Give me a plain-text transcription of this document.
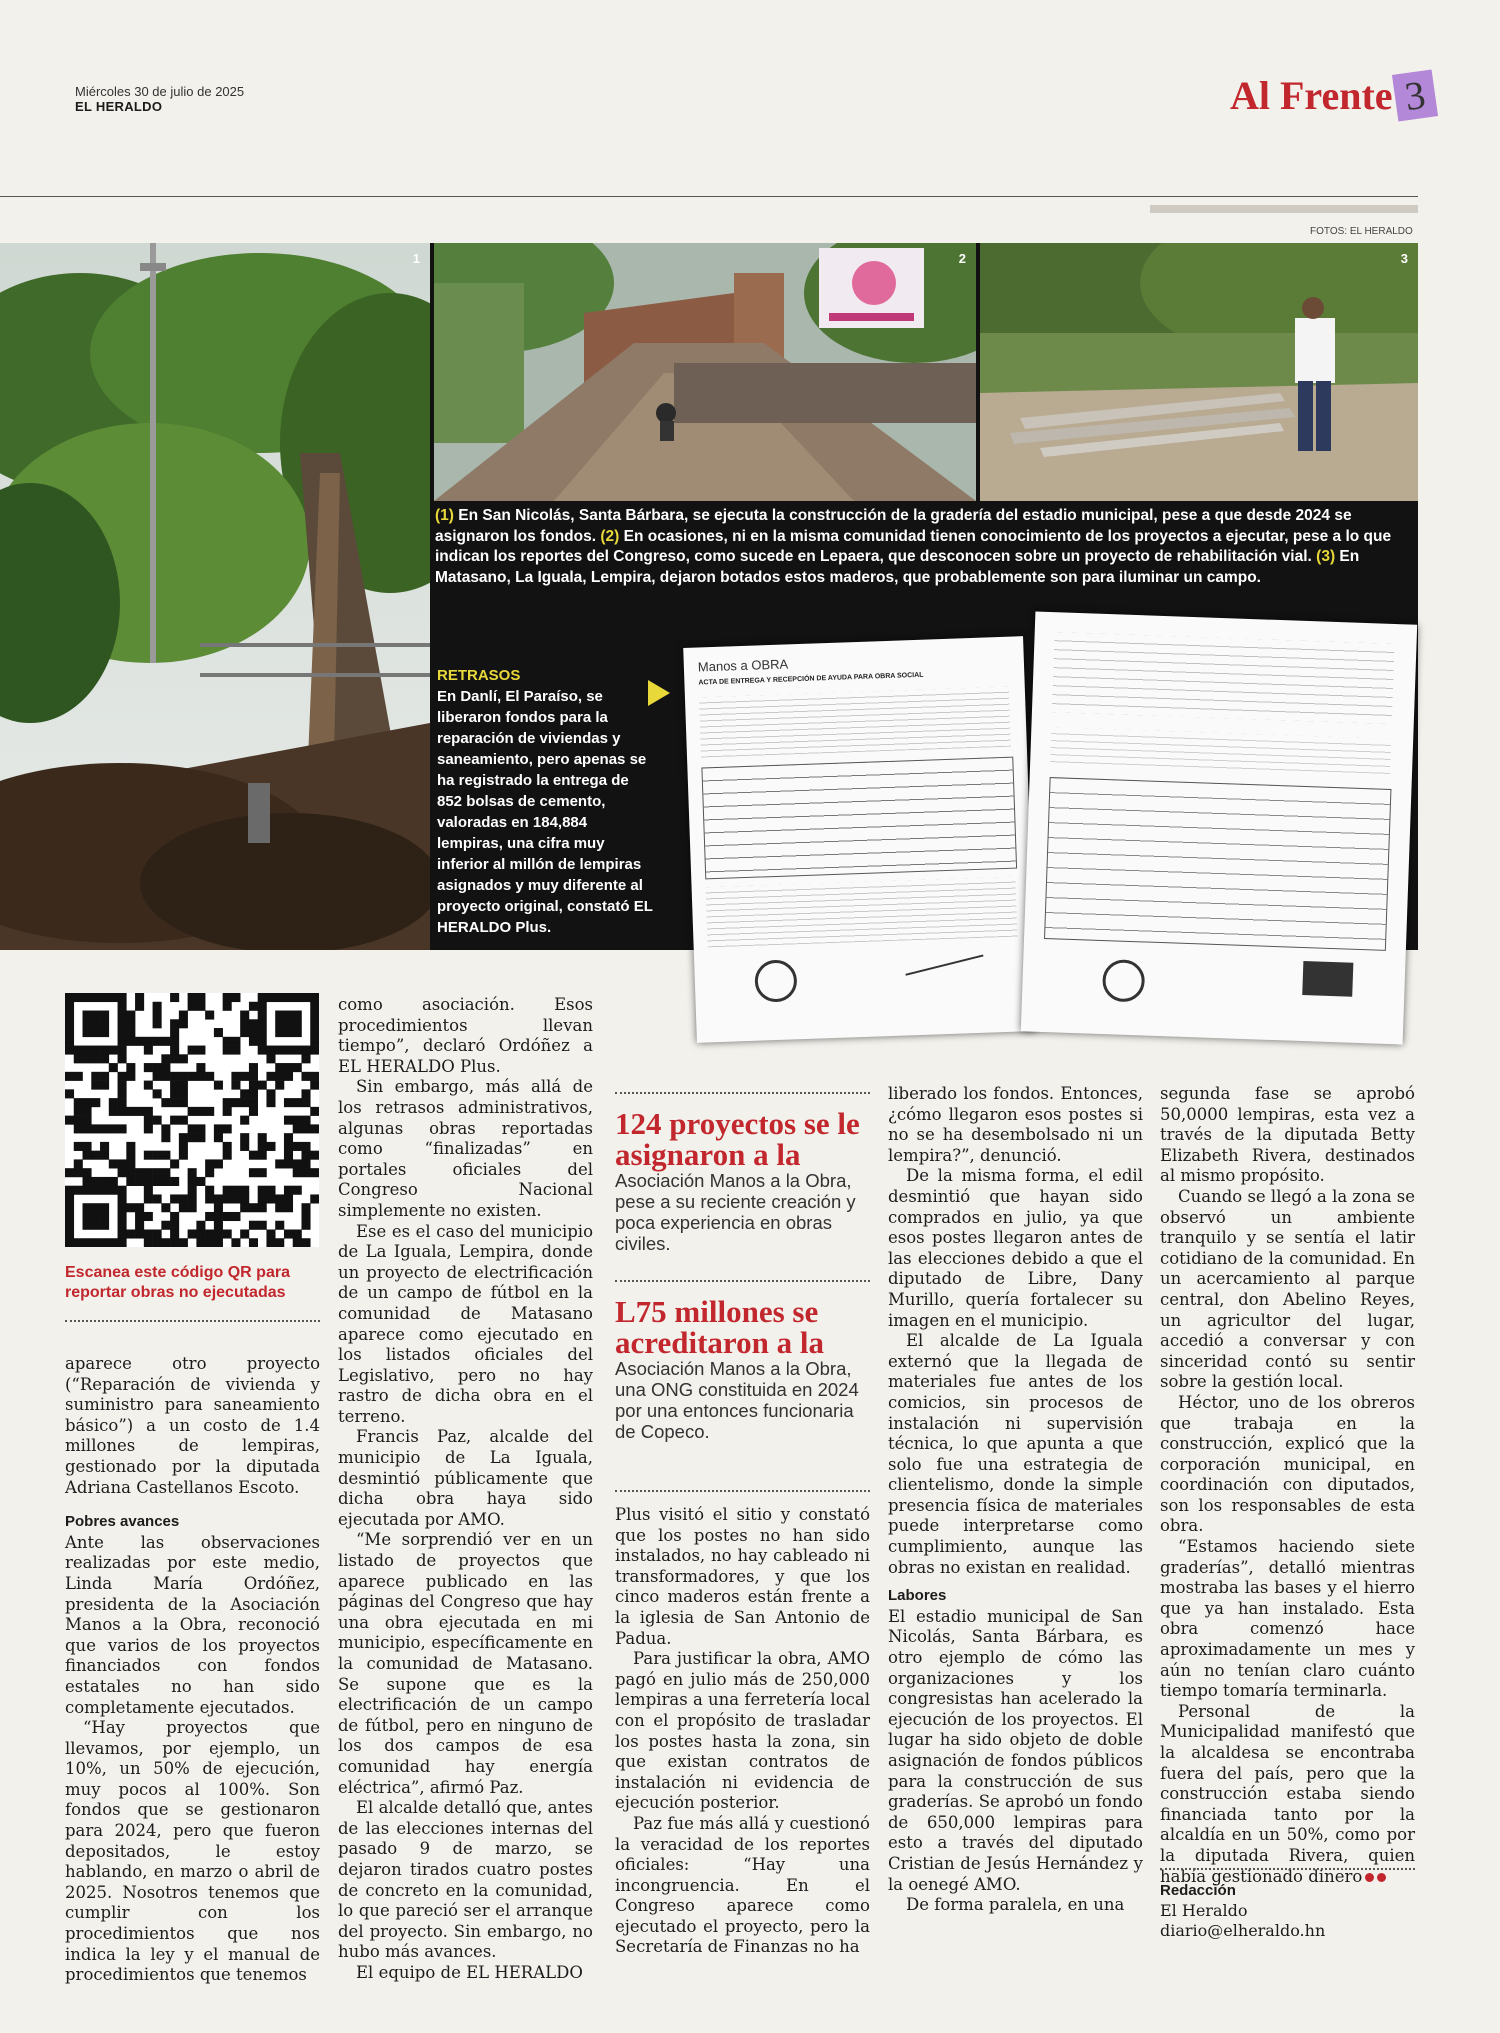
Miércoles 30 de julio de 2025
EL HERALDO	Al Frente 3
FOTOS: EL HERALDO
1	2	3
Manos a OBRA
ACTA DE ENTREGA Y RECEPCIÓN DE AYUDA PARA OBRA SOCIAL
(1) En San Nicolás, Santa Bárbara, se ejecuta la construcción de la gradería del estadio municipal, pese a que desde 2024 se asignaron los fondos. (2) En ocasiones, ni en la misma comunidad tienen conocimiento de los proyectos a ejecutar, pese a lo que indican los reportes del Congreso, como sucede en Lepaera, que desconocen sobre un proyecto de rehabilitación vial. (3) En Matasano, La Iguala, Lempira, dejaron botados estos maderos, que probablemente son para iluminar un campo.
RETRASOS
En Danlí, El Paraíso, se liberaron fondos para la reparación de viviendas y saneamiento, pero apenas se ha registrado la entrega de 852 bolsas de cemento, valoradas en 184,884 lempiras, una cifra muy inferior al millón de lempiras asignados y muy diferente al proyecto original, constató EL HERALDO Plus.
Escanea este código QR para reportar obras no ejecutadas

aparece otro proyecto (“Reparación de vivienda y suministro para saneamiento básico”) a un costo de 1.4 millones de lempiras, gestionado por la diputada Adriana Castellanos Escoto.

Pobres avances

Ante las observaciones realizadas por este medio, Linda María Ordóñez, presidenta de la Asociación Manos a la Obra, reconoció que varios de los proyectos financiados con fondos estatales no han sido completamente ejecutados.

“Hay proyectos que llevamos, por ejemplo, un 10%, un 50% de ejecución, muy pocos al 100%. Son fondos que se gestionaron para 2024, pero que fueron depositados, le estoy hablando, en marzo o abril de 2025. Nosotros tenemos que cumplir con los procedimientos que nos indica la ley y el manual de procedimientos que tenemos

como asociación. Esos procedimientos llevan tiempo”, declaró Ordóñez a EL HERALDO Plus.

Sin embargo, más allá de los retrasos administrativos, algunas obras reportadas como “finalizadas” en portales oficiales del Congreso Nacional simplemente no existen.

Ese es el caso del municipio de La Iguala, Lempira, donde un proyecto de electrificación de un campo de fútbol en la comunidad de Matasano aparece como ejecutado en los listados oficiales del Legislativo, pero no hay rastro de dicha obra en el terreno.

Francis Paz, alcalde del municipio de La Iguala, desmintió públicamente que dicha obra haya sido ejecutada por AMO.

“Me sorprendió ver en un listado de proyectos que aparece publicado en las páginas del Congreso que hay una obra ejecutada en mi municipio, específicamente en la comunidad de Matasano. Se supone que es la electrificación de un campo de fútbol, pero en ninguno de los dos campos de esa comunidad hay energía eléctrica”, afirmó Paz.

El alcalde detalló que, antes de las elecciones internas del pasado 9 de marzo, se dejaron tirados cuatro postes de concreto en la comunidad, lo que pareció ser el arranque del proyecto. Sin embargo, no hubo más avances.

El equipo de EL HERALDO

124 proyectos se le asignaron a la
Asociación Manos a la Obra, pese a su reciente creación y poca experiencia en obras civiles.
L75 millones se acreditaron a la
Asociación Manos a la Obra, una ONG constituida en 2024 por una entonces funcionaria de Copeco.

Plus visitó el sitio y constató que los postes no han sido instalados, no hay cableado ni transformadores, y que los cinco maderos están frente a la iglesia de San Antonio de Padua.

Para justificar la obra, AMO pagó en julio más de 250,000 lempiras a una ferretería local con el propósito de trasladar los postes hasta la zona, sin que existan contratos de instalación ni evidencia de ejecución posterior.

Paz fue más allá y cuestionó la veracidad de los reportes oficiales: “Hay una incongruencia. En el Congreso aparece como ejecutado el proyecto, pero la Secretaría de Finanzas no ha

liberado los fondos. Entonces, ¿cómo llegaron esos postes si no se ha desembolsado ni un lempira?”, denunció.

De la misma forma, el edil desmintió que hayan sido comprados en julio, ya que esos postes llegaron antes de las elecciones debido a que el diputado de Libre, Dany Murillo, quería fortalecer su imagen en el municipio.

El alcalde de La Iguala externó que la llegada de materiales fue antes de los comicios, sin procesos de instalación ni supervisión técnica, lo que apunta a que solo fue una estrategia de clientelismo, donde la simple presencia física de materiales puede interpretarse como cumplimiento, aunque las obras no existan en realidad.

Labores

El estadio municipal de San Nicolás, Santa Bárbara, es otro ejemplo de cómo las organizaciones y los congresistas han acelerado la ejecución de los proyectos. El lugar ha sido objeto de doble asignación de fondos públicos para la construcción de sus graderías. Se aprobó un fondo de 650,000 lempiras para esto a través del diputado Cristian de Jesús Hernández y la oenegé AMO.

De forma paralela, en una

segunda fase se aprobó 50,0000 lempiras, esta vez a través de la diputada Betty Elizabeth Rivera, destinados al mismo propósito.

Cuando se llegó a la zona se observó un ambiente tranquilo y se sentía el latir cotidiano de la comunidad. En un acercamiento al parque central, don Abelino Reyes, un agricultor del lugar, accedió a conversar y con sinceridad contó su sentir sobre la gestión local.

Héctor, uno de los obreros que trabaja en la construcción, explicó que la corporación municipal, en coordinación con diputados, son los responsables de esta obra.

“Estamos haciendo siete graderías”, detalló mientras mostraba las bases y el hierro que ya han instalado. Esta obra comenzó hace aproximadamente un mes y aún no tenían claro cuánto tiempo tomaría terminarla.

Personal de la Municipalidad manifestó que la alcaldesa se encontraba fuera del país, pero que la construcción estaba siendo financiada tanto por la alcaldía en un 50%, como por la diputada Rivera, quien había gestionado dinero

Redacción
El Heraldo
diario@elheraldo.hn
